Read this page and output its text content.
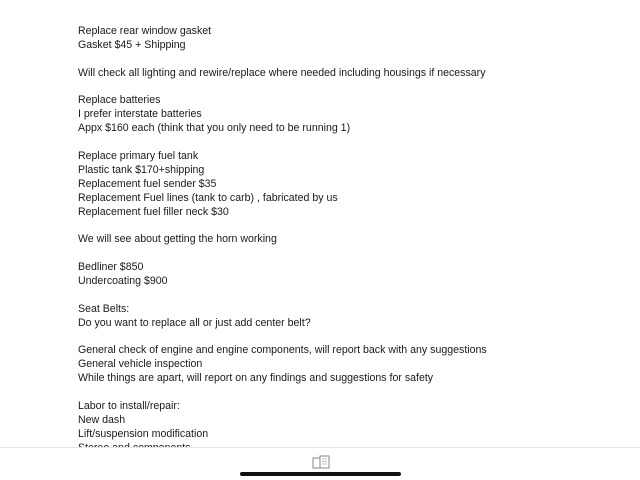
Replace rear window gasket
Gasket $45 + Shipping
Will check all lighting and rewire/replace where needed including housings if necessary
Replace batteries
I prefer interstate batteries
Appx $160 each (think that you only need to be running 1)
Replace primary fuel tank
Plastic tank $170+shipping
Replacement fuel sender $35
Replacement Fuel lines (tank to carb) , fabricated by us
Replacement fuel filler neck $30
We will see about getting the horn working
Bedliner $850
Undercoating $900
Seat Belts:
Do you want to replace all or just add center belt?
General check of engine and engine components, will report back with any suggestions
General vehicle inspection
While things are apart, will report on any findings and suggestions for safety
Labor to install/repair:
New dash
Lift/suspension modification
